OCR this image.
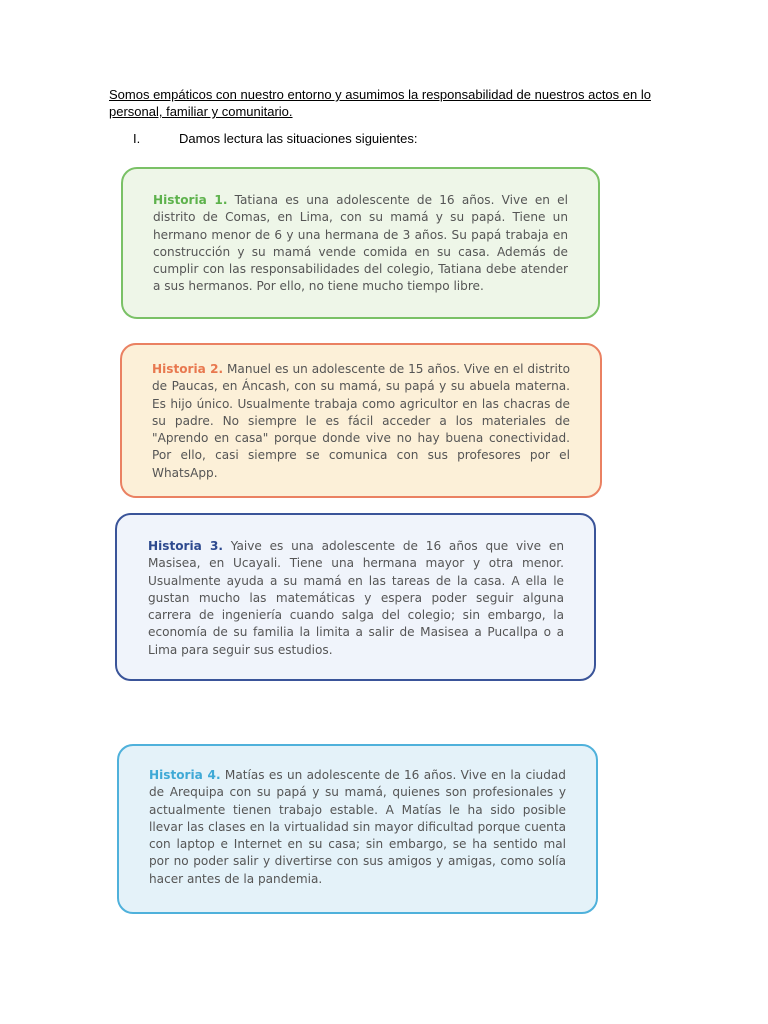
Somos empáticos con nuestro entorno y asumimos la responsabilidad de nuestros actos en lo personal, familiar y comunitario.
I.	Damos lectura las situaciones siguientes:

Historia 1. Tatiana es una adolescente de 16 años. Vive en el distrito de Comas, en Lima, con su mamá y su papá. Tiene un hermano menor de 6 y una hermana de 3 años. Su papá trabaja en construcción y su mamá vende comida en su casa. Además de cumplir con las responsabilidades del colegio, Tatiana debe atender a sus hermanos. Por ello, no tiene mucho tiempo libre.

Historia 2. Manuel es un adolescente de 15 años. Vive en el distrito de Paucas, en Áncash, con su mamá, su papá y su abuela materna. Es hijo único. Usualmente trabaja como agricultor en las chacras de su padre. No siempre le es fácil acceder a los materiales de "Aprendo en casa" porque donde vive no hay buena conectividad. Por ello, casi siempre se comunica con sus profesores por el WhatsApp.

Historia 3. Yaive es una adolescente de 16 años que vive en Masisea, en Ucayali. Tiene una hermana mayor y otra menor. Usualmente ayuda a su mamá en las tareas de la casa. A ella le gustan mucho las matemáticas y espera poder seguir alguna carrera de ingeniería cuando salga del colegio; sin embargo, la economía de su familia la limita a salir de Masisea a Pucallpa o a Lima para seguir sus estudios.

Historia 4. Matías es un adolescente de 16 años. Vive en la ciudad de Arequipa con su papá y su mamá, quienes son profesionales y actualmente tienen trabajo estable. A Matías le ha sido posible llevar las clases en la virtualidad sin mayor dificultad porque cuenta con laptop e Internet en su casa; sin embargo, se ha sentido mal por no poder salir y divertirse con sus amigos y amigas, como solía hacer antes de la pandemia.
